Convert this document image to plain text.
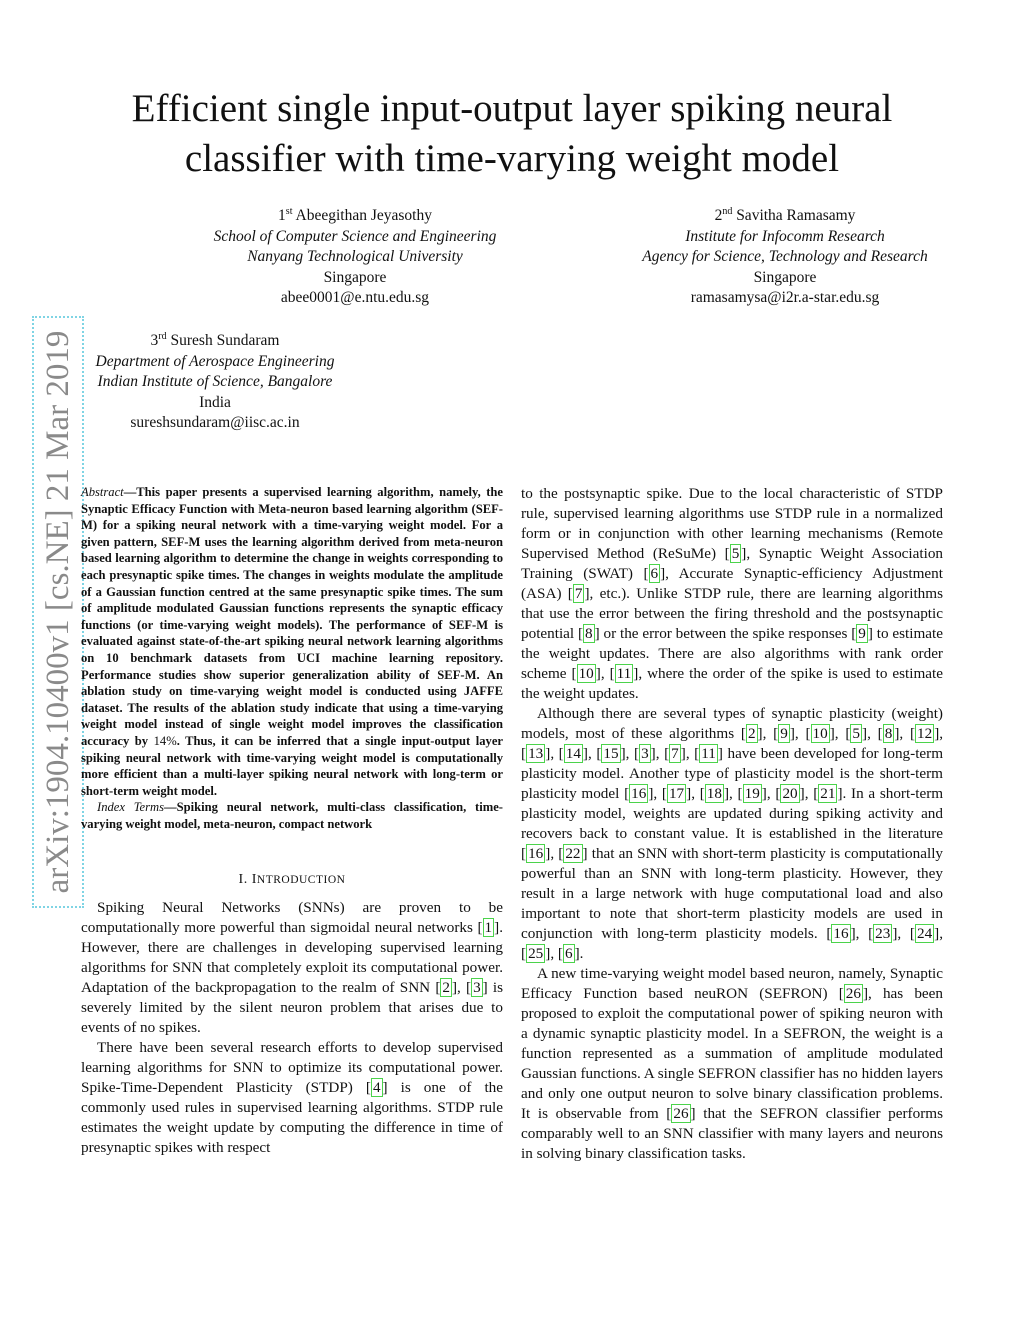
Efficient single input-output layer spiking neural
classifier with time-varying weight model
1st Abeegithan Jeyasothy
School of Computer Science and Engineering
Nanyang Technological University
Singapore
abee0001@e.ntu.edu.sg
2nd Savitha Ramasamy
Institute for Infocomm Research
Agency for Science, Technology and Research
Singapore
ramasamysa@i2r.a-star.edu.sg
3rd Suresh Sundaram
Department of Aerospace Engineering
Indian Institute of Science, Bangalore
India
sureshsundaram@iisc.ac.in
arXiv:1904.10400v1 [cs.NE] 21 Mar 2019 Abstract—This paper presents a supervised learning algorithm, namely, the Synaptic Efficacy Function with Meta-neuron based learning algorithm (SEF-M) for a spiking neural network with a time-varying weight model. For a given pattern, SEF-M uses the learning algorithm derived from meta-neuron based learning algorithm to determine the change in weights corresponding to each presynaptic spike times. The changes in weights modulate the amplitude of a Gaussian function centred at the same presynaptic spike times. The sum of amplitude modulated Gaussian functions represents the synaptic efficacy functions (or time-varying weight models). The performance of SEF-M is evaluated against state-of-the-art spiking neural network learning algorithms on 10 benchmark datasets from UCI machine learning repository. Performance studies show superior generalization ability of SEF-M. An ablation study on time-varying weight model is conducted using JAFFE dataset. The results of the ablation study indicate that using a time-varying weight model instead of single weight model improves the classification accuracy by 14%. Thus, it can be inferred that a single input-output layer spiking neural network with time-varying weight model is computationally more efficient than a multi-layer spiking neural network with long-term or short-term weight model.
Index Terms—Spiking neural network, multi-class classification, time-varying weight model, meta-neuron, compact network
I. INTRODUCTION

Spiking Neural Networks (SNNs) are proven to be computationally more powerful than sigmoidal neural networks [ 1 ]. However, there are challenges in developing supervised learning algorithms for SNN that completely exploit its computational power. Adaptation of the backpropagation to the realm of SNN [ 2 ], [ 3 ] is severely limited by the silent neuron problem that arises due to events of no spikes.

There have been several research efforts to develop supervised learning algorithms for SNN to optimize its computational power. Spike-Time-Dependent Plasticity (STDP) [ 4 ] is one of the commonly used rules in supervised learning algorithms. STDP rule estimates the weight update by computing the difference in time of presynaptic spikes with respect

to the postsynaptic spike. Due to the local characteristic of STDP rule, supervised learning algorithms use STDP rule in a normalized form or in conjunction with other learning mechanisms (Remote Supervised Method (ReSuMe) [ 5 ], Synaptic Weight Association Training (SWAT) [ 6 ], Accurate Synaptic-efficiency Adjustment (ASA) [ 7 ], etc.). Unlike STDP rule, there are learning algorithms that use the error between the firing threshold and the postsynaptic potential [ 8 ] or the error between the spike responses [ 9 ] to estimate the weight updates. There are also algorithms with rank order scheme [ 10 ], [ 11 ], where the order of the spike is used to estimate the weight updates.

Although there are several types of synaptic plasticity (weight) models, most of these algorithms [ 2 ], [ 9 ], [ 10 ], [ 5 ], [ 8 ], [ 12 ], [ 13 ], [ 14 ], [ 15 ], [ 3 ], [ 7 ], [ 11 ] have been developed for long-term plasticity model. Another type of plasticity model is the short-term plasticity model [ 16 ], [ 17 ], [ 18 ], [ 19 ], [ 20 ], [ 21 ]. In a short-term plasticity model, weights are updated during spiking activity and recovers back to constant value. It is established in the literature [ 16 ], [ 22 ] that an SNN with short-term plasticity is computationally powerful than an SNN with long-term plasticity. However, they result in a large network with huge computational load and also important to note that short-term plasticity models are used in conjunction with long-term plasticity models. [ 16 ], [ 23 ], [ 24 ], [ 25 ], [ 6 ].

A new time-varying weight model based neuron, namely, Synaptic Efficacy Function based neuRON (SEFRON) [ 26 ], has been proposed to exploit the computational power of spiking neuron with a dynamic synaptic plasticity model. In a SEFRON, the weight is a function represented as a summation of amplitude modulated Gaussian functions. A single SEFRON classifier has no hidden layers and only one output neuron to solve binary classification problems. It is observable from [ 26 ] that the SEFRON classifier performs comparably well to an SNN classifier with many layers and neurons in solving binary classification tasks.
